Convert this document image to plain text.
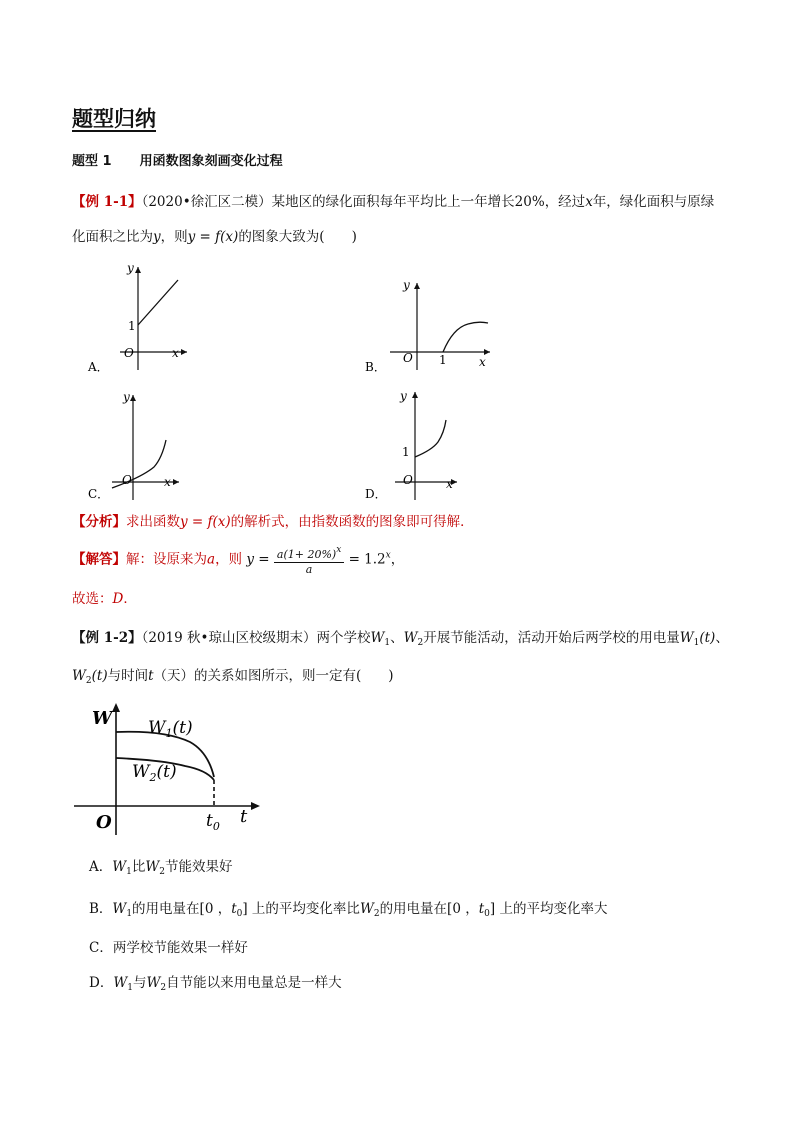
题型归纳
题型 1 用函数图象刻画变化过程
【例 1-1】（2020•徐汇区二模）某地区的绿化面积每年平均比上一年增长20%，经过x年，绿化面积与原绿
化面积之比为y，则y = f(x)的图象大致为(　　)
y
1
O	x
A．
y
O	x
C．
y
O 1	x
B．
y
1
O	x
D．
【分析】求出函数y = f(x)的解析式，由指数函数的图象即可得解．
【解答】解：设原来为a，则 $y = \frac{a(1+ 20\%)^x}{a} = 1.2^x$，
故选：D．
【例 1-2】（2019 秋•琼山区校级期末）两个学校$W_1$、$W_2$开展节能活动，活动开始后两学校的用电量$W_1(t)$、
$W_2(t)$与时间t（天）的关系如图所示，则一定有(　　)
W $W_1(t)$
$W_2(t)$
O	$t_0$ t
A．$W_1$比$W_2$节能效果好
B．$W_1$的用电量在[0 ，$t_0$] 上的平均变化率比$W_2$的用电量在[0 ，$t_0$] 上的平均变化率大
C．两学校节能效果一样好
D．$W_1$与$W_2$自节能以来用电量总是一样大
